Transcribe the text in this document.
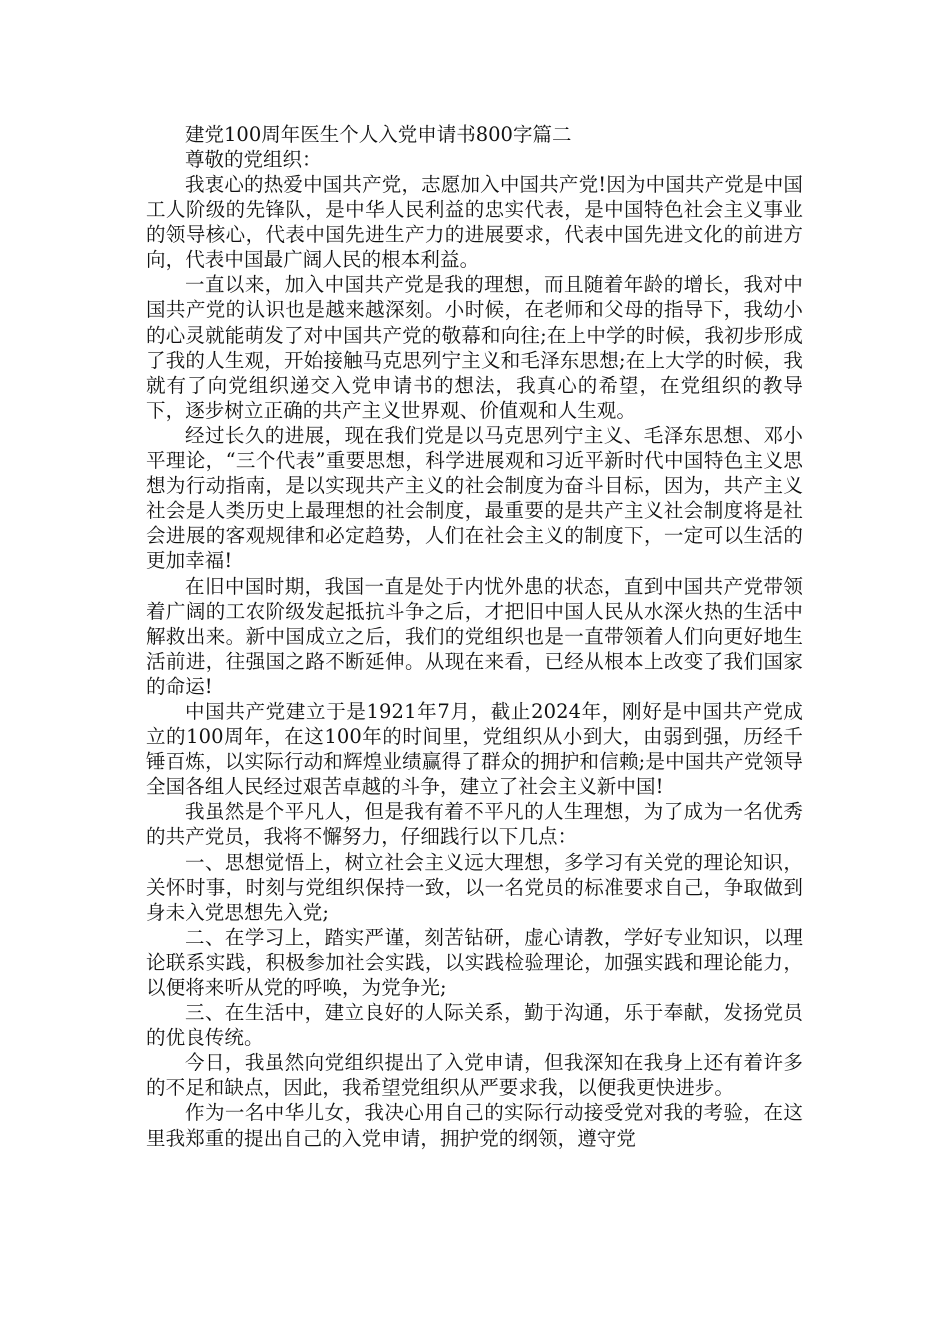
建党100周年医生个人入党申请书800字篇二

尊敬的党组织：

我衷心的热爱中国共产党，志愿加入中国共产党!因为中国共产党是中国工人阶级的先锋队，是中华人民利益的忠实代表，是中国特色社会主义事业的领导核心，代表中国先进生产力的进展要求，代表中国先进文化的前进方向，代表中国最广阔人民的根本利益。

一直以来，加入中国共产党是我的理想，而且随着年龄的增长，我对中国共产党的认识也是越来越深刻。小时候，在老师和父母的指导下，我幼小的心灵就能萌发了对中国共产党的敬幕和向往;在上中学的时候，我初步形成了我的人生观，开始接触马克思列宁主义和毛泽东思想;在上大学的时候，我就有了向党组织递交入党申请书的想法，我真心的希望，在党组织的教导下，逐步树立正确的共产主义世界观、价值观和人生观。

经过长久的进展，现在我们党是以马克思列宁主义、毛泽东思想、邓小平理论，“三个代表”重要思想，科学进展观和习近平新时代中国特色主义思想为行动指南，是以实现共产主义的社会制度为奋斗目标，因为，共产主义社会是人类历史上最理想的社会制度，最重要的是共产主义社会制度将是社会进展的客观规律和必定趋势，人们在社会主义的制度下，一定可以生活的更加幸福!

在旧中国时期，我国一直是处于内忧外患的状态，直到中国共产党带领着广阔的工农阶级发起抵抗斗争之后，才把旧中国人民从水深火热的生活中解救出来。新中国成立之后，我们的党组织也是一直带领着人们向更好地生活前进，往强国之路不断延伸。从现在来看，已经从根本上改变了我们国家的命运!

中国共产党建立于是1921年7月，截止2024年，刚好是中国共产党成立的100周年，在这100年的时间里，党组织从小到大，由弱到强，历经千锤百炼，以实际行动和辉煌业绩赢得了群众的拥护和信赖;是中国共产党领导全国各组人民经过艰苦卓越的斗争，建立了社会主义新中国!

我虽然是个平凡人，但是我有着不平凡的人生理想，为了成为一名优秀的共产党员，我将不懈努力，仔细践行以下几点：

一、思想觉悟上，树立社会主义远大理想，多学习有关党的理论知识，关怀时事，时刻与党组织保持一致，以一名党员的标准要求自己，争取做到身未入党思想先入党;

二、在学习上，踏实严谨，刻苦钻研，虚心请教，学好专业知识，以理论联系实践，积极参加社会实践，以实践检验理论，加强实践和理论能力，以便将来听从党的呼唤，为党争光;

三、在生活中，建立良好的人际关系，勤于沟通，乐于奉献，发扬党员的优良传统。

今日，我虽然向党组织提出了入党申请，但我深知在我身上还有着许多的不足和缺点，因此，我希望党组织从严要求我，以便我更快进步。

作为一名中华儿女，我决心用自己的实际行动接受党对我的考验，在这里我郑重的提出自己的入党申请，拥护党的纲领，遵守党
